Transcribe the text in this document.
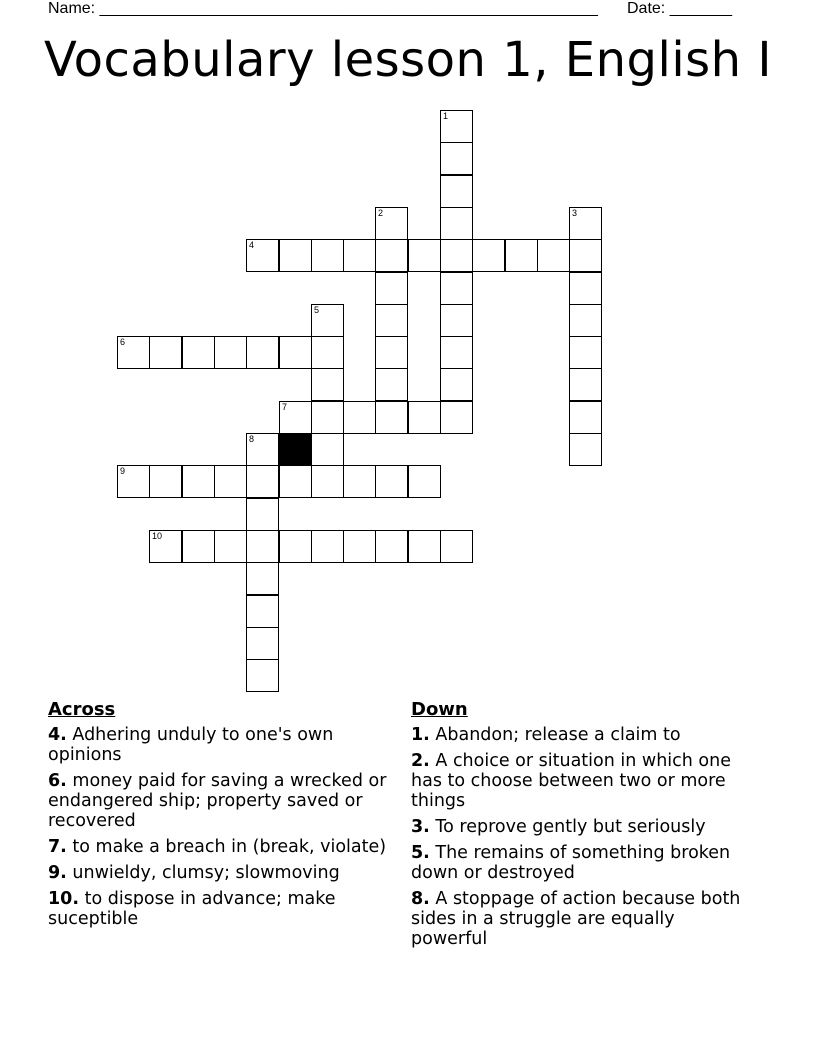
Name: ________________________________________________________ Date: _______
Vocabulary lesson 1, English I
1
2	3
4
5
6
7
8
9
10
Across
4. Adhering unduly to one's own opinions
6. money paid for saving a wrecked or endangered ship; property saved or recovered
7. to make a breach in (break, violate)
9. unwieldy, clumsy; slowmoving
10. to dispose in advance; make suceptible
Down
1. Abandon; release a claim to
2. A choice or situation in which one has to choose between two or more things
3. To reprove gently but seriously
5. The remains of something broken down or destroyed
8. A stoppage of action because both sides in a struggle are equally powerful
